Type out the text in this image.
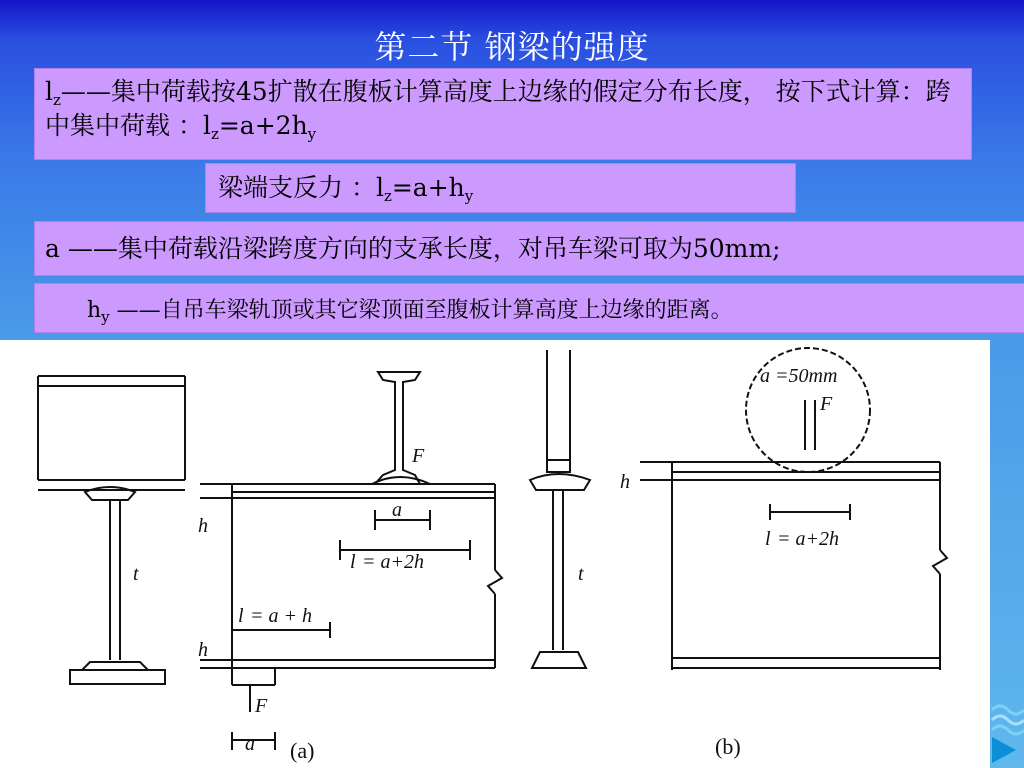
第二节 钢梁的强度
$l_z——$集中荷载按45扩散在腹板计算高度上边缘的假定分布长度， 按下式计算：跨中集中荷载 ：$l_z=a+2h_y$
梁端支反力 ：$l_z=a+h_y$
a ——集中荷载沿梁跨度方向的支承长度，对吊车梁可取为50mm;
$h_y$ ——自吊车梁轨顶或其它梁顶面至腹板计算高度上边缘的距离。
F
a
F
a
t	t
F
l = a+2h
l = a + h
l = a+2h
a =50mm
h
h
h
(a)	(b)
